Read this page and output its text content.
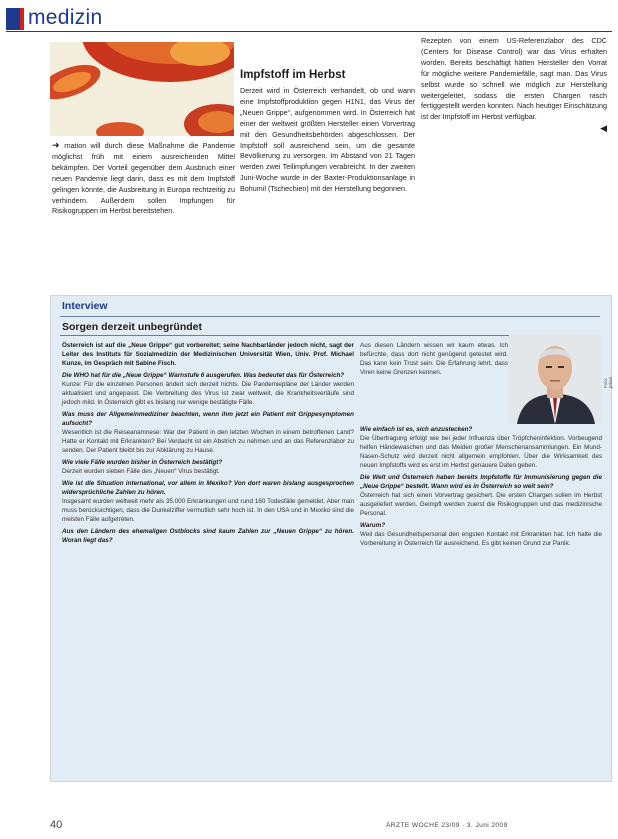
medizin
Impfstoff im Herbst
➜ rnation will durch diese Maßnahme die Pandemie möglichst früh mit einem ausreichenden Mittel bekämpfen. Der Vorteil gegenüber dem Ausbruch einer neuen Pandemie liegt darin, dass es mit dem Impfstoff gelingen könnte, die Ausbreitung in Europa rechtzeitig zu verhindern. Außerdem sollen Impfungen für Risikogruppen im Herbst bereitstehen.

Derzeit wird in Österreich verhandelt, ob und wann eine Impfstoffproduktion gegen H1N1, das Virus der „Neuen Grippe“, aufgenommen wird. In Österreich hat einer der weltweit größten Hersteller einen Vorvertrag mit den Gesundheitsbehörden abgeschlossen. Der Impfstoff soll ausreichend sein, um die gesamte Bevölkerung zu versorgen. Im Abstand von 21 Tagen werden zwei Teilimpfungen verabreicht. In der zweiten Juni-Woche wurde in der Baxter-Produktionsanlage in Bohumil (Tschechien) mit der Herstellung begonnen.

Rezepten von einem US-Referenzlabor des CDC (Centers for Disease Control) war das Virus erhalten worden. Bereits beschäftigt hätten Hersteller den Vorrat für mögliche weitere Pandemiefälle, sagt man. Das Virus selbst wurde so schnell wie möglich zur Herstellung weitergeleitet, sodass die ersten Chargen rasch fertiggestellt werden konnten. Nach heutiger Einschätzung ist der Impfstoff im Herbst verfügbar.

◀
Interview
Sorgen derzeit unbegründet

Österreich ist auf die „Neue Grippe“ gut vorbereitet; seine Nachbarländer jedoch nicht, sagt der Leiter des Instituts für Sozialmedizin der Medizinischen Universität Wien, Univ. Prof. Michael Kunze, im Gespräch mit Sabine Fisch.

Die WHO hat für die „Neue Grippe“ Warnstufe 6 ausgerufen. Was bedeutet das für Österreich?

Kunze: Für die einzelnen Personen ändert sich derzeit nichts. Die Pandemiepläne der Länder werden aktualisiert und angepasst. Die Verbreitung des Virus ist zwar weltweit, die Krankheitsverläufe sind jedoch mild. In Österreich gibt es bislang nur wenige bestätigte Fälle.

Was muss der Allgemeinmediziner beachten, wenn ihm jetzt ein Patient mit Grippesymptomen aufsucht?

Wesentlich ist die Reiseanamnese: War der Patient in den letzten Wochen in einem betroffenen Land? Hatte er Kontakt mit Erkrankten? Bei Verdacht ist ein Abstrich zu nehmen und an das Referenzlabor zu senden. Der Patient bleibt bis zur Abklärung zu Hause.

Wie viele Fälle wurden bisher in Österreich bestätigt?

Derzeit wurden sieben Fälle des „Neuen“ Virus bestätigt.

Wie ist die Situation international, vor allem in Mexiko? Von dort waren bislang ausgesprochen widersprüchliche Zahlen zu hören.

Insgesamt wurden weltweit mehr als 35.000 Erkrankungen und rund 160 Todesfälle gemeldet. Aber man muss berücksichtigen, dass die Dunkelziffer vermutlich sehr hoch ist. In den USA und in Mexiko sind die meisten Fälle aufgetreten.

Aus den Ländern des ehemaligen Ostblocks sind kaum Zahlen zur „Neuen Grippe“ zu hören. Woran liegt das?

Aus diesen Ländern wissen wir kaum etwas. Ich befürchte, dass dort nicht genügend getestet wird. Das kann kein Trost sein. Die Erfahrung lehrt, dass Viren keine Grenzen kennen.

Foto: privat

Wie einfach ist es, sich anzustecken?

Die Übertragung erfolgt wie bei jeder Influenza über Tröpfcheninfektion. Vorbeugend helfen Händewaschen und das Meiden großer Menschenansammlungen. Ein Mund-Nasen-Schutz wird derzeit nicht allgemein empfohlen. Über die Wirksamkeit des neuen Impfstoffs wird es erst im Herbst genauere Daten geben.

Die Welt und Österreich haben bereits Impfstoffe für Immunisierung gegen die „Neue Grippe“ bestellt. Wann wird es in Österreich so weit sein?

Österreich hat sich einen Vorvertrag gesichert. Die ersten Chargen sollen im Herbst ausgeliefert werden. Geimpft werden zuerst die Risikogruppen und das medizinische Personal.

Warum?

Weil das Gesundheitspersonal den engsten Kontakt mit Erkrankten hat. Ich halte die Vorbereitung in Österreich für ausreichend. Es gibt keinen Grund zur Panik.

40	ÄRZTE WOCHE 23/09 · 3. Juni 2009
